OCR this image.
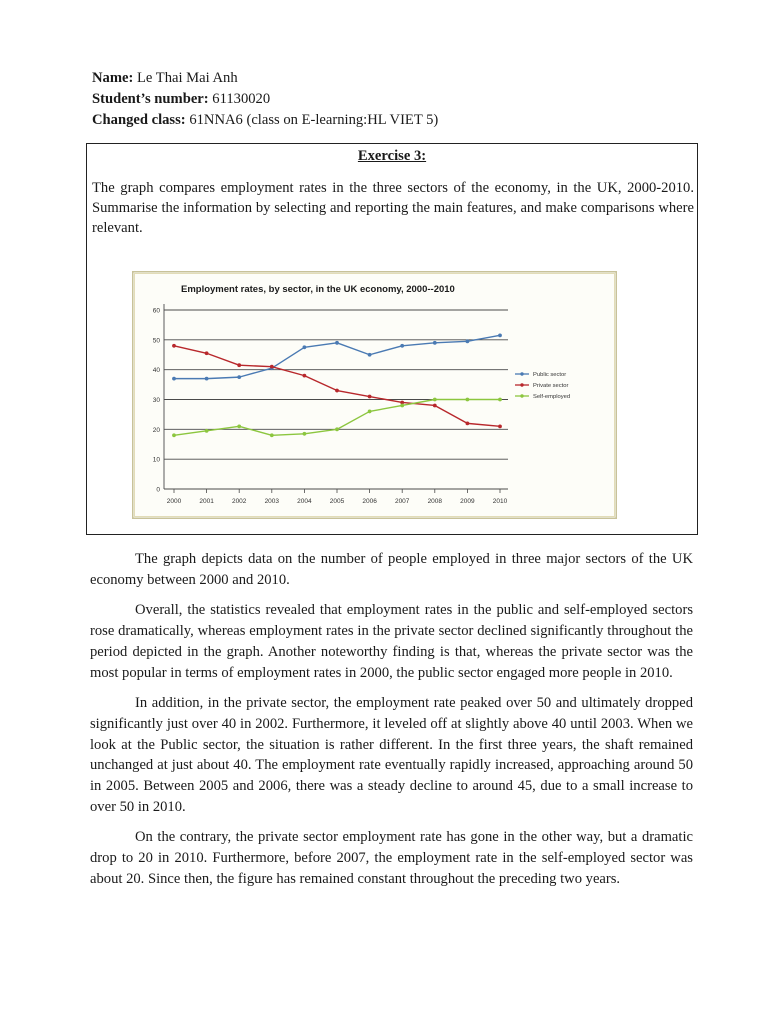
Name: Le Thai Mai Anh
Student’s number: 61130020
Changed class: 61NNA6 (class on E-learning:HL VIET 5)
Exercise 3:
The graph compares employment rates in the three sectors of the economy, in the UK, 2000-2010. Summarise the information by selecting and reporting the main features, and make comparisons where relevant.
Employment rates, by sector, in the UK economy, 2000--2010
0
10
20
30
40
50
60
2000	2001	2002	2003	2004	2005	2006	2007	2008	2009	2010
Public sector
Private sector
Self-employed

The graph depicts data on the number of people employed in three major sectors of the UK economy between 2000 and 2010.

Overall, the statistics revealed that employment rates in the public and self-employed sectors rose dramatically, whereas employment rates in the private sector declined significantly throughout the period depicted in the graph. Another noteworthy finding is that, whereas the private sector was the most popular in terms of employment rates in 2000, the public sector engaged more people in 2010.

In addition, in the private sector, the employment rate peaked over 50 and ultimately dropped significantly just over 40 in 2002. Furthermore, it leveled off at slightly above 40 until 2003. When we look at the Public sector, the situation is rather different. In the first three years, the shaft remained unchanged at just about 40. The employment rate eventually rapidly increased, approaching around 50 in 2005. Between 2005 and 2006, there was a steady decline to around 45, due to a small increase to over 50 in 2010.

On the contrary, the private sector employment rate has gone in the other way, but a dramatic drop to 20 in 2010. Furthermore, before 2007, the employment rate in the self-employed sector was about 20. Since then, the figure has remained constant throughout the preceding two years.
